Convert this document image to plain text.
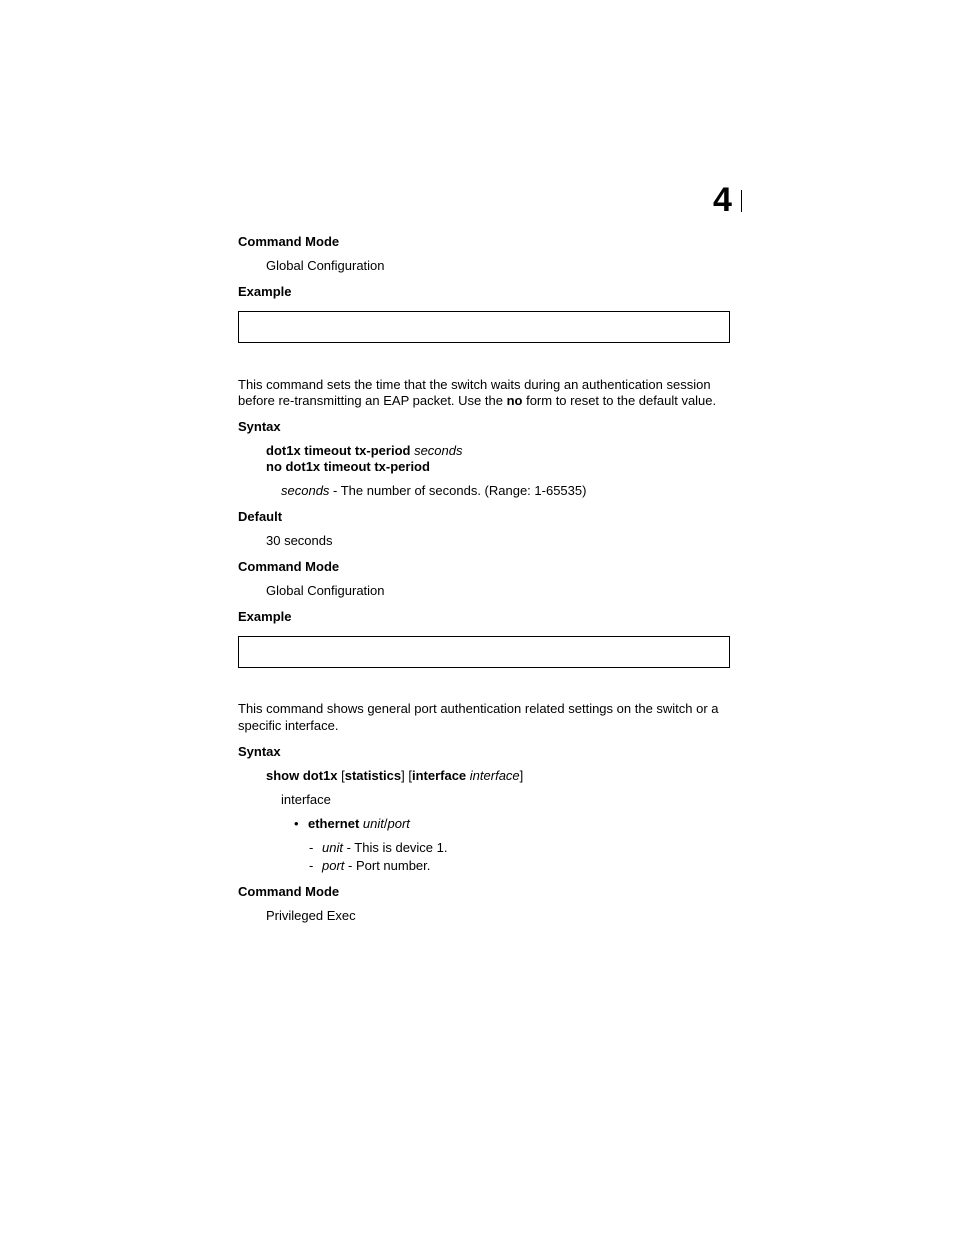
4
Command Mode
Global Configuration
Example
This command sets the time that the switch waits during an authentication session
before re-transmitting an EAP packet. Use the no form to reset to the default value.
Syntax
dot1x timeout tx-period seconds
no dot1x timeout tx-period
seconds - The number of seconds. (Range: 1-65535)
Default
30 seconds
Command Mode
Global Configuration
Example
This command shows general port authentication related settings on the switch or a
specific interface.
Syntax
show dot1x [statistics] [interface interface]
interface
• ethernet unit/port
- unit - This is device 1.
- port - Port number.
Command Mode
Privileged Exec
